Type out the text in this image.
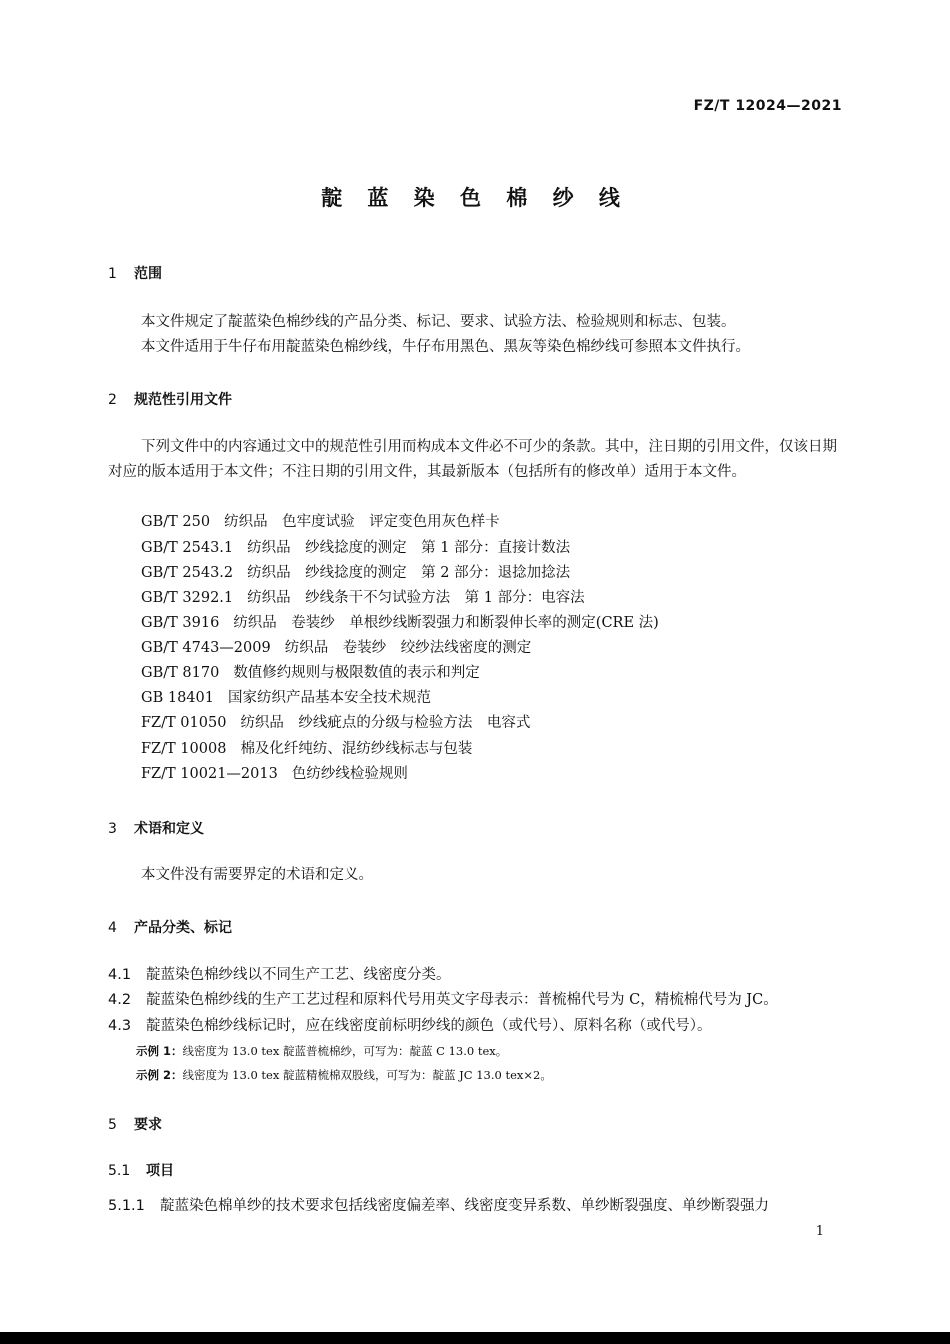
FZ/T 12024—2021
靛 蓝 染 色 棉 纱 线
1 范围
本文件规定了靛蓝染色棉纱线的产品分类、标记、要求、试验方法、检验规则和标志、包装。
本文件适用于牛仔布用靛蓝染色棉纱线，牛仔布用黑色、黑灰等染色棉纱线可参照本文件执行。
2 规范性引用文件
下列文件中的内容通过文中的规范性引用而构成本文件必不可少的条款。其中，注日期的引用文件，仅该日期对应的版本适用于本文件；不注日期的引用文件，其最新版本（包括所有的修改单）适用于本文件。
GB/T 250 纺织品　色牢度试验　评定变色用灰色样卡
GB/T 2543.1 纺织品　纱线捻度的测定　第 1 部分：直接计数法
GB/T 2543.2 纺织品　纱线捻度的测定　第 2 部分：退捻加捻法
GB/T 3292.1 纺织品　纱线条干不匀试验方法　第 1 部分：电容法
GB/T 3916 纺织品　卷装纱　单根纱线断裂强力和断裂伸长率的测定(CRE 法)
GB/T 4743—2009 纺织品　卷装纱　绞纱法线密度的测定
GB/T 8170 数值修约规则与极限数值的表示和判定
GB 18401 国家纺织产品基本安全技术规范
FZ/T 01050 纺织品　纱线疵点的分级与检验方法　电容式
FZ/T 10008 棉及化纤纯纺、混纺纱线标志与包装
FZ/T 10021—2013 色纺纱线检验规则
3 术语和定义
本文件没有需要界定的术语和定义。
4 产品分类、标记
4.1 靛蓝染色棉纱线以不同生产工艺、线密度分类。
4.2 靛蓝染色棉纱线的生产工艺过程和原料代号用英文字母表示：普梳棉代号为 C，精梳棉代号为 JC。
4.3 靛蓝染色棉纱线标记时，应在线密度前标明纱线的颜色（或代号）、原料名称（或代号）。
示例 1：线密度为 13.0 tex 靛蓝普梳棉纱，可写为：靛蓝 C 13.0 tex。
示例 2：线密度为 13.0 tex 靛蓝精梳棉双股线，可写为：靛蓝 JC 13.0 tex×2。
5 要求
5.1 项目
5.1.1 靛蓝染色棉单纱的技术要求包括线密度偏差率、线密度变异系数、单纱断裂强度、单纱断裂强力
1
